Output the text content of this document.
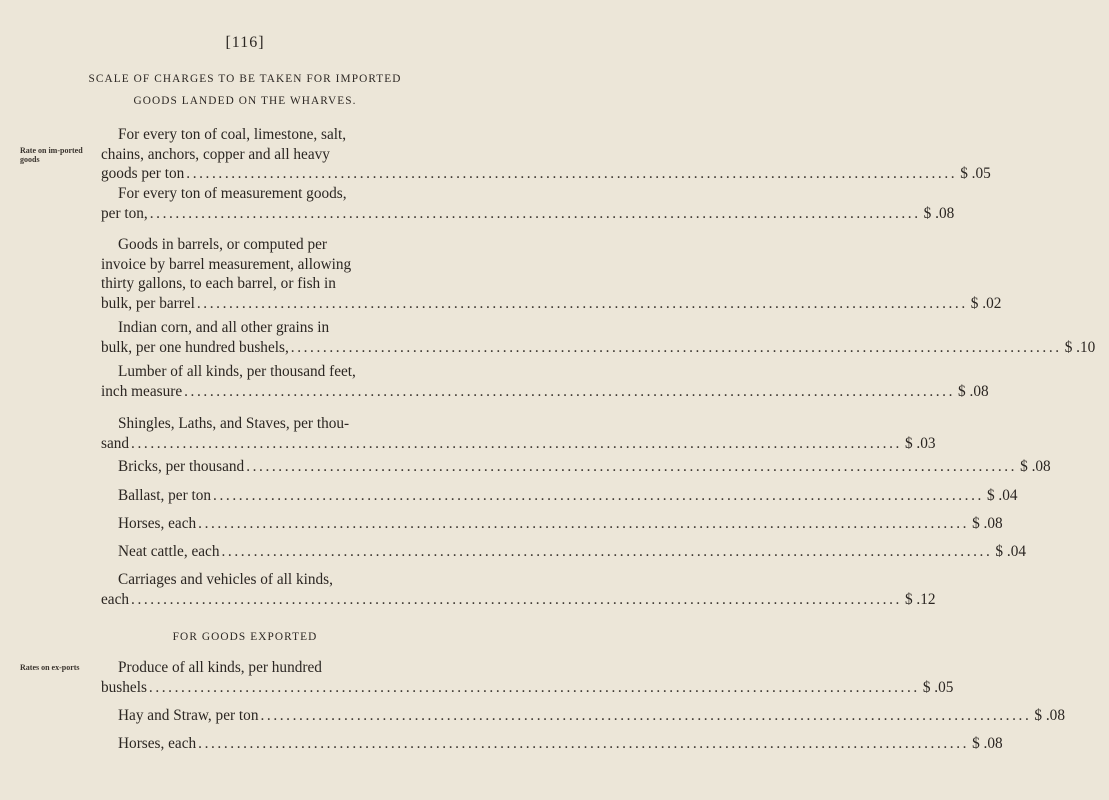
[116]
SCALE OF CHARGES TO BE TAKEN FOR IMPORTED
GOODS LANDED ON THE WHARVES.
Rate on im-ported goods
For every ton of coal, limestone, salt,
chains, anchors, copper and all heavy
goods per ton ........................................................................................................................ $ .05
For every ton of measurement goods,
per ton, ........................................................................................................................ $ .08
Goods in barrels, or computed per
invoice by barrel measurement, allowing
thirty gallons, to each barrel, or fish in
bulk, per barrel ........................................................................................................................ $ .02
Indian corn, and all other grains in
bulk, per one hundred bushels, ........................................................................................................................ $ .10
Lumber of all kinds, per thousand feet,
inch measure ........................................................................................................................ $ .08
Shingles, Laths, and Staves, per thou-
sand ........................................................................................................................ $ .03
Bricks, per thousand ........................................................................................................................ $ .08
Ballast, per ton ........................................................................................................................ $ .04
Horses, each ........................................................................................................................ $ .08
Neat cattle, each ........................................................................................................................ $ .04
Carriages and vehicles of all kinds,
each ........................................................................................................................ $ .12
FOR GOODS EXPORTED
Rates on ex-ports	Produce of all kinds, per hundred
bushels ........................................................................................................................ $ .05
Hay and Straw, per ton ........................................................................................................................ $ .08
Horses, each ........................................................................................................................ $ .08
